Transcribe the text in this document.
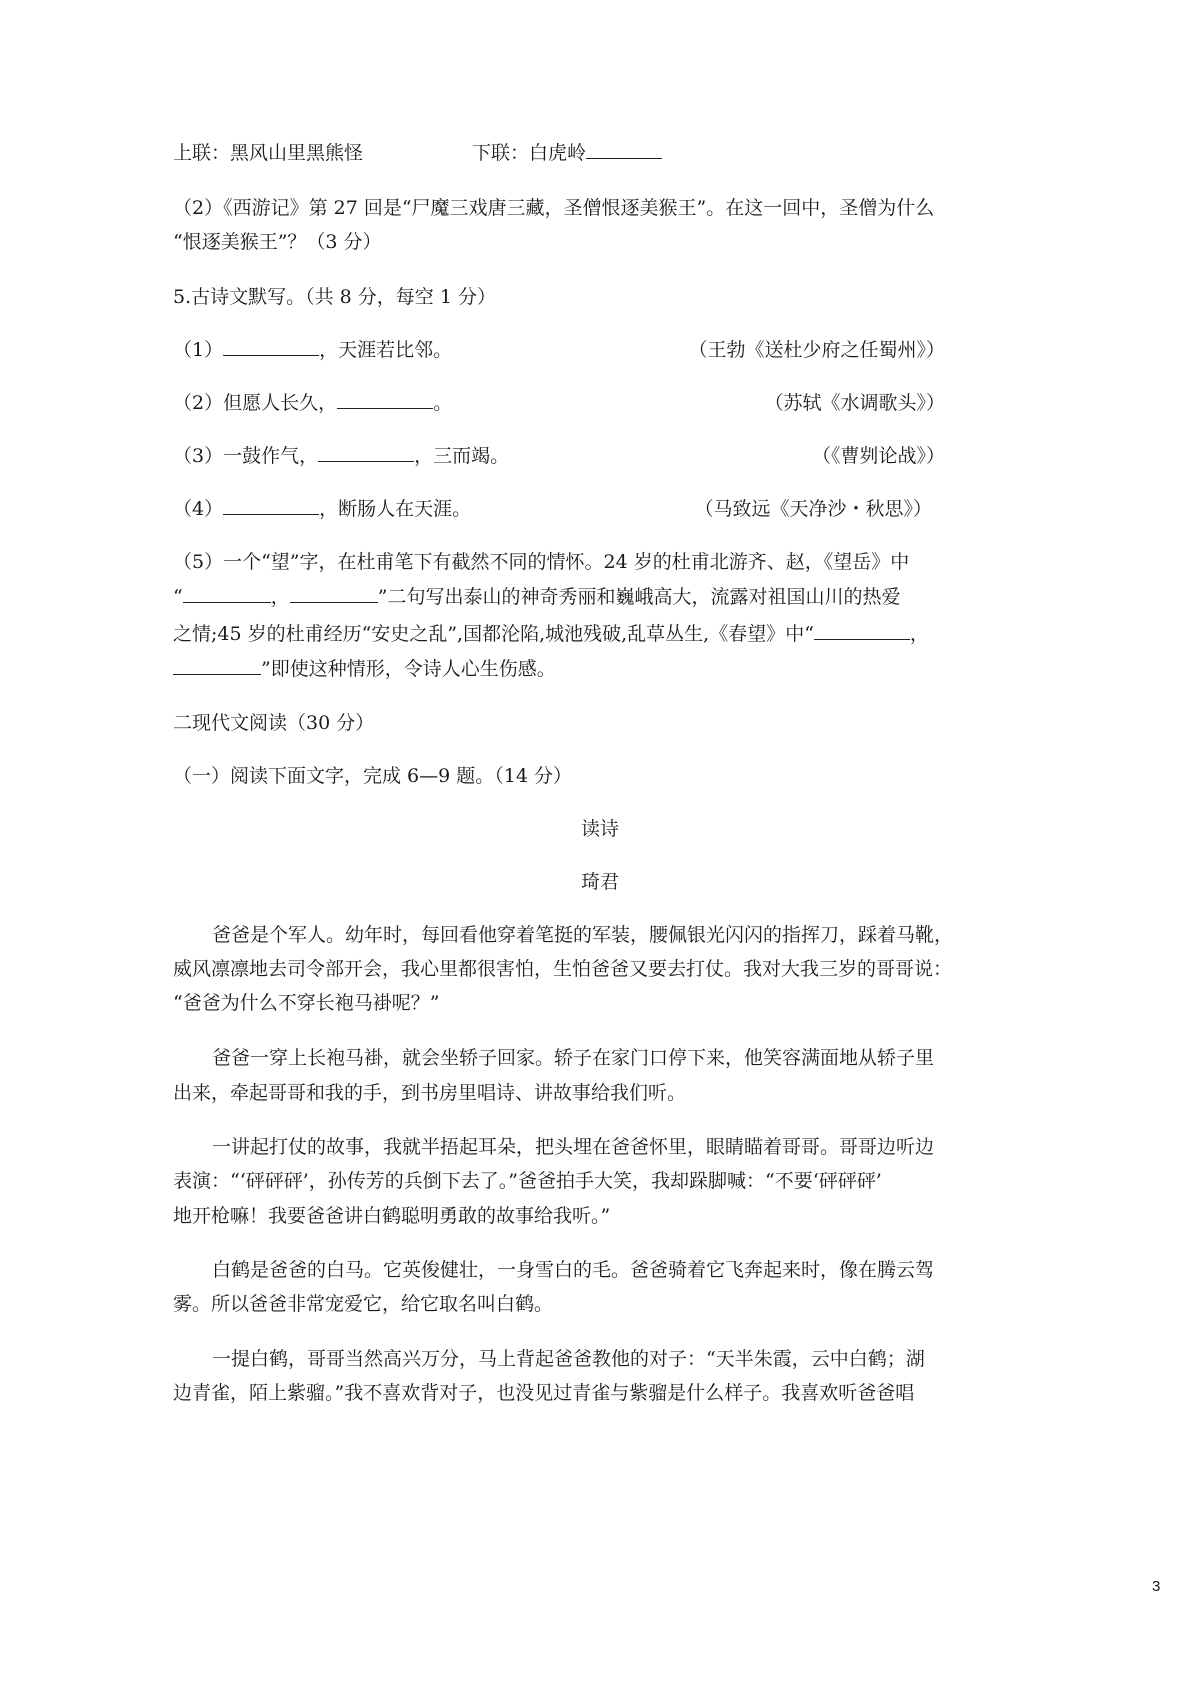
上联：黑风山里黑熊怪	下联：白虎岭
（2）《西游记》第 27 回是“尸魔三戏唐三藏，圣僧恨逐美猴王”。在这一回中，圣僧为什么
“恨逐美猴王”？（3 分）
5.古诗文默写。（共 8 分，每空 1 分）
（1）	，天涯若比邻。	（王勃《送杜少府之任蜀州》）
（2）但愿人长久，	。	（苏轼《水调歌头》）
（3）一鼓作气，	，三而竭。	（《曹刿论战》）
（4）	，断肠人在天涯。	（马致远《天净沙・秋思》）
（5）一个“望”字，在杜甫笔下有截然不同的情怀。24 岁的杜甫北游齐、赵，《望岳》中
“	，	”二句写出泰山的神奇秀丽和巍峨高大，流露对祖国山川的热爱
之情;45 岁的杜甫经历“安史之乱”,国都沦陷,城池残破,乱草丛生,《春望》中“	，
”即使这种情形，令诗人心生伤感。
二现代文阅读（30 分）
（一）阅读下面文字，完成 6—9 题。（14 分）
读诗
琦君
爸爸是个军人。幼年时，每回看他穿着笔挺的军装，腰佩银光闪闪的指挥刀，踩着马靴，
威风凛凛地去司令部开会，我心里都很害怕，生怕爸爸又要去打仗。我对大我三岁的哥哥说：
“爸爸为什么不穿长袍马褂呢？”
爸爸一穿上长袍马褂，就会坐轿子回家。轿子在家门口停下来，他笑容满面地从轿子里
出来，牵起哥哥和我的手，到书房里唱诗、讲故事给我们听。
一讲起打仗的故事，我就半捂起耳朵，把头埋在爸爸怀里，眼睛瞄着哥哥。哥哥边听边
表演：“‘砰砰砰’，孙传芳的兵倒下去了。”爸爸拍手大笑，我却跺脚喊：“不要‘砰砰砰’
地开枪嘛！我要爸爸讲白鹤聪明勇敢的故事给我听。”
白鹤是爸爸的白马。它英俊健壮，一身雪白的毛。爸爸骑着它飞奔起来时，像在腾云驾
雾。所以爸爸非常宠爱它，给它取名叫白鹤。
一提白鹤，哥哥当然高兴万分，马上背起爸爸教他的对子：“天半朱霞，云中白鹤；湖
边青雀，陌上紫骝。”我不喜欢背对子，也没见过青雀与紫骝是什么样子。我喜欢听爸爸唱
3
